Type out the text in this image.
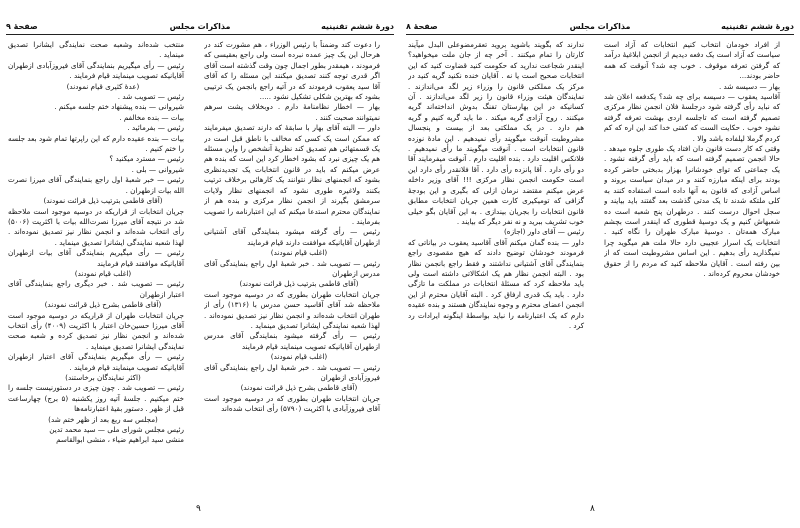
دورهٔ ششم تقنینیه
مذاکرات مجلس
صفحهٔ ۹

را دعوت کند وضمناً با رئیس الوزراء ، هم مشورت کند در هرحال این یک چیز عمده نبرده است ولی راجع بعقیسی که فرمودند ، هیمقدر بطور اجمال چون وقت گذشته است آقای اگر قدری توجه کنند تصدیق میکنند این مسئله را که آقای آقا سید یعقوب فرمودند که در آتیه راجع بانجمن یک ترتیبی بشود که بهترین شکلی تشکیل نشود .....

بهار — اخطار نظامنامهٔ دارم . دوبخلاف پشت سرهم نمیتوانند صحبت کنند .

داور — البته آقای بهار با سابقهٔ که دارند تصدیق میفرمایند که ممکن است یک کسی که مخالف با ناطق قبل است در یک قسمتهائی هم تصدیق کند نظریهٔ آنشخص را واین مسئله هم یک چیزی نبرد که بشود اخطار کرد این است که بنده هم عرض میکنم که باید در قانون انتخابات یک تجدیدنظری بشود که انجمنهای نظار نتوانند یک کارهائی برخلاف ترتیب بکنند ولاغیره طوری نشود که انجمنهای نظار ولایات سرمشق بگیرند از انجمن نظار مرکزی و بنده هم از نمایندگان محترم استدعا میکنم که این اعتبارنامه را تصویب بفرمایند .

رئیس — رأی گرفته میشود بنمایندگی آقای آشتیانی ازطهران آقایانیکه موافقت دارند قیام فرمایند

(اغلب قیام نمودند)

رئیس — تصویب شد . خبر شعبهٔ اول راجع بنمایندگی آقای مدرس ازطهران

(آقای قاطمی بترتیب ذیل قرائت نمودند)

جریان انتخابات طهران بطوری که در دوسیه موجود است ملاحظه شد آقای آقاسید حسن مدرس با (۱۳۱۶) رأی از طهران انتخاب شده‌اند و انجمن نظار نیز تصدیق نموده‌اند . لهذا شعبه نمایندگی ایشانرا تصدیق مینماید .

رئیس — رأی گرفته میشود بنمایندگی آقای مدرس ازطهران آقایانیکه تصویب مینمایند قیام فرمایند

(اغلب قیام نمودند)

رئیس — تصویب شد . خبر شعبهٔ اول راجع بنمایندگی آقای فیروزآبادی ازطهران

(آقای قاطمی بشرح ذیل قرائت نمودند)

جریان انتخابات طهران بطوری که در دوسیه موجود است آقای فیروزآبادی با اکثریت (۵۷۹۰) رأی انتخاب شده‌اند

منتخب شده‌اند وشعبه صحت نمایندگی ایشانرا تصدیق مینماید .

رئیس — رأی میگیریم بنمایندگی آقای فیروزآبادی ازطهران آقایانیکه تصویب مینمایند قیام فرمایند .

(عدهٔ کثیری قیام نمودند)

رئیس — تصویب شد .

شیروانی — بنده پیشنهاد ختم جلسه میکنم .

بیات — بنده مخالفم .

رئیس — بفرمائید .

بیات — بنده عقیده دارم که این راپرتها تمام شود بعد جلسه را ختم کنیم .

رئیس — مسترد میکنید ؟

شیروانی — بلی .

رئیس — خبر شعبهٔ اول راجع بنمایندگی آقای میرزا نصرت الله بیات ازطهران .

(آقای قاطمی بترتیب ذیل قرائت نمودند)

جریان انتخابات از قراریکه در دوسیه موجود است ملاحظه شد در نتیجه آقای میرزا نصرت‌الله بیات با اکثریت (۵۰۰۶) رأی انتخاب شده‌اند و انجمن نظار نیز تصدیق نموده‌اند . لهذا شعبه نمایندگی ایشانرا تصدیق مینماید .

رئیس — رأی میگیریم بنمایندگی آقای بیات ازطهران آقایانیکه موافقند قیام فرمایند

(اغلب قیام نمودند)

رئیس — تصویب شد . خبر دیگری راجع بنمایندگی آقای اعتبار ازطهران

(آقای قاطمی بشرح ذیل قرائت نمودند)

جریان انتخابات طهران از قراریکه در دوسیه موجود است آقای میرزا حسین‌خان اعتبار با اکثریت (۴۰۰۹) رأی انتخاب شده‌اند و انجمن نظار نیز تصدیق کرده و شعبه صحت نمایندگی ایشانرا تصدیق مینماید .

رئیس — رأی میگیریم بنمایندگی آقای اعتبار ازطهران آقایانیکه تصویب مینمایند قیام فرمایند .

(اکثر نمایندگان برخاستند)

رئیس — تصویب شد . چون چیزی در دستورنیست جلسه را ختم میکنیم . جلسهٔ آتیه روز یکشنبه (۵ برج) چهارساعت قبل از ظهر . دستور بقیهٔ اعتبارنامه‌ها

(مجلس سه ربع بعد از ظهر ختم شد)

رئیس مجلس شورای ملی — سید محمد تدین

منشی سید ابراهیم ضیاء ، منشی ابوالقاسم

۹
دورهٔ ششم تقنینیه
مذاکرات مجلس
صفحهٔ ۸

از افراد خودمان انتخاب کنیم انتخابات که آزاد است سیاست که آزاد است یک دفعه دیدیم از انجمن ابلاغیهٔ درآمد که گرفتن تعرفه موقوف . خوب چه شد؟ آنوقت که همه حاضر بودند...

بهار — دسیسه شد .

آقاسید یعقوب — دسیسه برای چه شد؟ یکدفعه اعلان شد که نباید رأی گرفته شود درجلسهٔ فلان انجمن نظار مرکزی تصمیم گرفته است که تاجلسه اردی بهشت تعرفه گرفته نشود خوب . حکایت الست که کفتی خدا کند این اره که کم کردم گرملا لیلفاده باشد والا .

وقتی که کار دست قانون دان افتاد یک طوری جلوه میدهد . حالا انجمن تصمیم گرفته است که باید رأی گرفته نشود . یک جماعتی که توای خودشانرا بهزار بدبختی حاضر کرده بودند برای اینکه مبارزه کنند و در میدان سیاست بروند و اساس آزادی که قانون به آنها داده است استفاده کنند به کلی ملتکه شدند تا یک مدتی گذشت بعد گفتند باید بیایند و سجل احوال درست کنند . درطهران پنج شعبه است ده شعبهاش کنیم و یک دوسیهٔ قطوری که اینقدر است بچشم مبارک همه‌تان . دوسیهٔ مبارک طهران را نگاه کنید . انتخابات یک اسرار عجیبی دارد حالا ملت هم میگوید چرا نمیگذارید رأی بدهیم . این اساس مشروطیت است که از بین رفته است . آقایان ملاحظه کنید که مردم را از حقوق خودشان محروم کرده‌اند .

ندارند که بگویند باشوید بروید تعقرمضوعلی البدل میآیند کارتان را تمام میکنند . آخر چه از جان ملت میخواهید؟ اینقدر شجاعت ندارید که حکومت کنید قضاوت کنید که این انتخابات صحیح است یا نه . آقایان خنده نکنید گریه کنید در مرکز یک مملکتی قانون را وزراء زیر لگد می‌اندازند . نمایندگان هیئت وزراء قانون را زیر لگد می‌اندازند . آن کسانیکه در این بهارستان تفنگ بدوش انداخته‌اند گریه میکنند . روح آزادی گریه میکند . ما باید گریه کنیم و گریه هم دارد . در یک مملکتی بعد از بیست و پنجسال مشروطیت آنوقت میگویند رأی نمیدهیم . این مادهٔ نوزده قانون انتخابات است . آنوقت میگویند ما رأی نمیدهیم . فلانکس اقلیت دارد . بنده اقلیت دارم . آنوقت میفرمایند آقا دو رأی دارد . آقا پانزده رأی دارد . آقا فلانقدر رأی دارد این است حکومت انجمن نظار مرکزی !!! آقای وزیر داخله عرض میکنم مقتضد نرمان ازلی که بگیری و این بودجهٔ گزافی که تومیکیری کارت همین جریان انتخابات مطابق قانون انتخابات را بجریان بیندازی . به این آقایان بگو خیلی خوب تشریف ببرید و نه نفر دیگر که بیایند .

رئیس — آقای داور (اجازه)

داور — بنده گمان میکنم آقای آقاسید یعقوب در بیاناتی که فرمودند خودشان توضیح دادند که هیچ مقصودی راجع بنمایندگی آقای آشتیانی نداشتند و فقط راجع بانجمن نظار بود . البته انجمن نظار هم یک اشکالاتی داشته است ولی باید ملاحظه کرد که مسئلهٔ انتخابات در مملکت ما تازگی دارد . باید یک قدری ارفاق کرد . البته آقایان محترم از این انجمن اعضای محترم و وجوه نمایندگان هستند و بنده عقیده دارم که یک اعتبارنامه را نباید بواسطهٔ اینگونه ایرادات رد کرد .

۸
